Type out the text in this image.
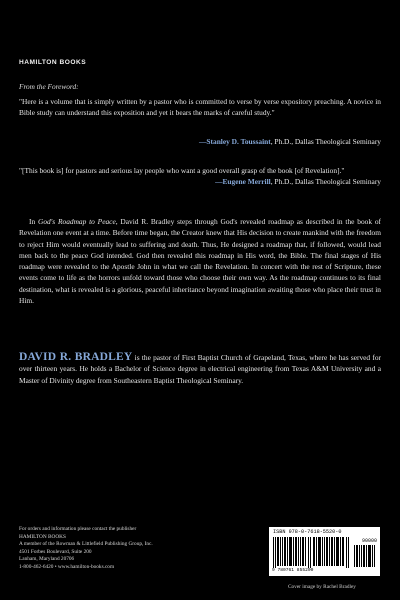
HAMILTON BOOKS
From the Foreword:
"Here is a volume that is simply written by a pastor who is committed to verse by verse expository preaching. A novice in Bible study can understand this exposition and yet it bears the marks of careful study."
—Stanley D. Toussaint, Ph.D., Dallas Theological Seminary
"[This book is] for pastors and serious lay people who want a good overall grasp of the book [of Revelation]."
—Eugene Merrill, Ph.D., Dallas Theological Seminary
In God's Roadmap to Peace, David R. Bradley steps through God's revealed roadmap as described in the book of Revelation one event at a time. Before time began, the Creator knew that His decision to create mankind with the freedom to reject Him would eventually lead to suffering and death. Thus, He designed a roadmap that, if followed, would lead men back to the peace God intended. God then revealed this roadmap in His word, the Bible. The final stages of His roadmap were revealed to the Apostle John in what we call the Revelation. In concert with the rest of Scripture, these events come to life as the horrors unfold toward those who choose their own way. As the roadmap continues to its final destination, what is revealed is a glorious, peaceful inheritance beyond imagination awaiting those who place their trust in Him.
DAVID R. BRADLEY is the pastor of First Baptist Church of Grapeland, Texas, where he has served for over thirteen years. He holds a Bachelor of Science degree in electrical engineering from Texas A&M University and a Master of Divinity degree from Southeastern Baptist Theological Seminary.
For orders and information please contact the publisher
HAMILTON BOOKS
A member of the Rowman & Littlefield Publishing Group, Inc.
4501 Forbes Boulevard, Suite 200
Lanham, Maryland 20706
1-800-462-6420 • www.hamilton-books.com
ISBN 978-0-7618-5520-0
90000
9 780761 855200
Cover image by Rachel Bradley
